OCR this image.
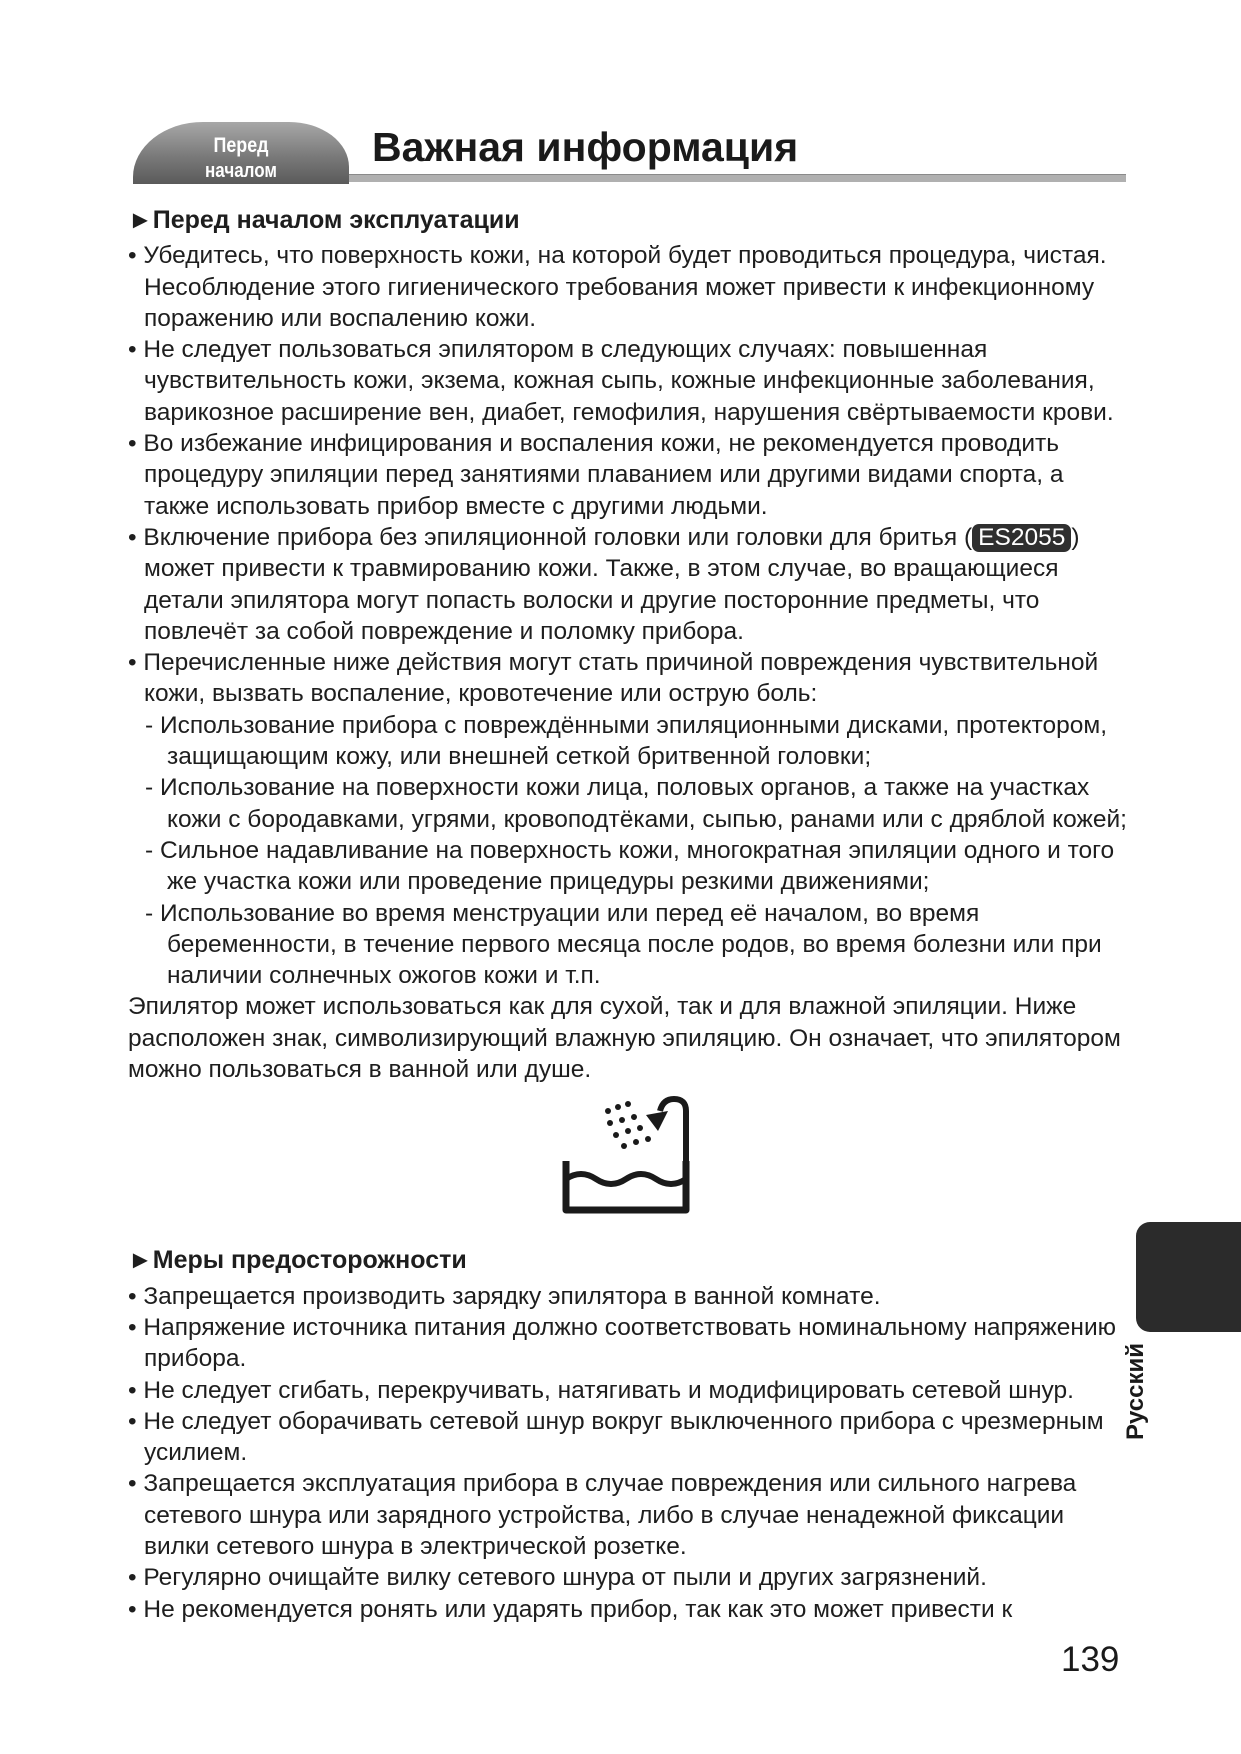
Перед
началом эксплуатации
Важная информация
►Перед началом эксплуатации

• Убедитесь, что поверхность кожи, на которой будет проводиться процедура, чистая. Несоблюдение этого гигиенического требования может привести к инфекционному поражению или воспалению кожи.

• Не следует пользоваться эпилятором в следующих случаях: повышенная чувствительность кожи, экзема, кожная сыпь, кожные инфекционные заболевания, варикозное расширение вен, диабет, гемофилия, нарушения свёртываемости крови.

• Во избежание инфицирования и воспаления кожи, не рекомендуется проводить процедуру эпиляции перед занятиями плаванием или другими видами спорта, а также использовать прибор вместе с другими людьми.

• Включение прибора без эпиляционной головки или головки для бритья ( ES2055 ) может привести к травмированию кожи. Также, в этом случае, во вращающиеся детали эпилятора могут попасть волоски и другие посторонние предметы, что повлечёт за собой повреждение и поломку прибора.

• Перечисленные ниже действия могут стать причиной повреждения чувствительной кожи, вызвать воспаление, кровотечение или острую боль:

- Использование прибора с повреждёнными эпиляционными дисками, протектором, защищающим кожу, или внешней сеткой бритвенной головки;

- Использование на поверхности кожи лица, половых органов, а также на участках кожи с бородавками, угрями, кровоподтёками, сыпью, ранами или с дряблой кожей;

- Сильное надавливание на поверхность кожи, многократная эпиляции одного и того же участка кожи или проведение прицедуры резкими движениями;

- Использование во время менструации или перед её началом, во время беременности, в течение первого месяца после родов, во время болезни или при наличии солнечных ожогов кожи и т.п.

Эпилятор может использоваться как для сухой, так и для влажной эпиляции. Ниже расположен знак, символизирующий влажную эпиляцию. Он означает, что эпилятором можно пользоваться в ванной или душе.

►Меры предосторожности

• Запрещается производить зарядку эпилятора в ванной комнате.

• Напряжение источника питания должно соответствовать номинальному напряжению прибора.

• Не следует сгибать, перекручивать, натягивать и модифицировать сетевой шнур.

• Не следует оборачивать сетевой шнур вокруг выключенного прибора с чрезмерным усилием.

• Запрещается эксплуатация прибора в случае повреждения или сильного нагрева сетевого шнура или зарядного устройства, либо в случае ненадежной фиксации вилки сетевого шнура в электрической розетке.

• Регулярно очищайте вилку сетевого шнура от пыли и других загрязнений.

• Не рекомендуется ронять или ударять прибор, так как это может привести к

Русский
139
